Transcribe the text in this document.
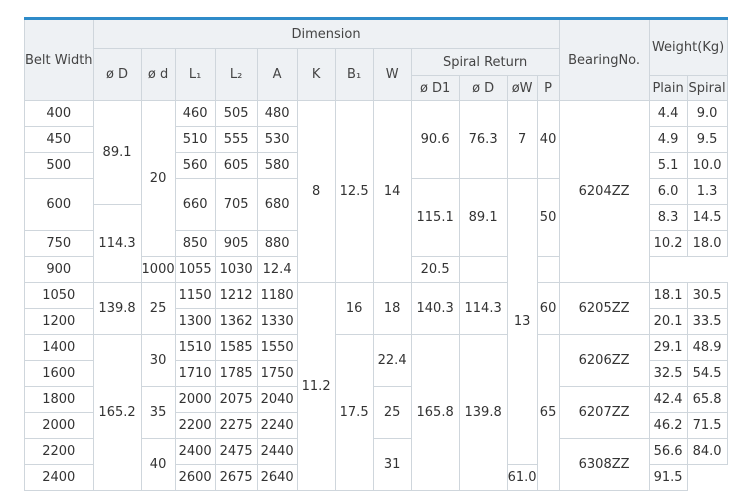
Belt Width	Dimension												BearingNo.	Weight(Kg)	
	ø D	ø d	L₁	L₂	A	K	B₁	W	Spiral Return						
									ø D1	ø D	øW	P		Plain	Spiral
400	89.1	20	460	505	480	8	12.5	14	90.6	76.3	7	40	6204ZZ	4.4	9.0
450			510	555	530									4.9	9.5
500			560	605	580									5.1	10.0
600			660	705	680				115.1	89.1	13	50		6.0	1.3
	114.3													8.3	14.5
750			850	905	880									10.2	18.0
900		1000	1055	1030	12.4				20.5						
1050	139.8	25	1150	1212	1180	11.2	16	18	140.3	114.3		60	6205ZZ	18.1	30.5
1200			1300	1362	1330									20.1	33.5
1400	165.2	30	1510	1585	1550		17.5	22.4	165.8	139.8		65	6206ZZ	29.1	48.9
1600			1710	1785	1750									32.5	54.5
1800		35	2000	2075	2040			25					6207ZZ	42.4	65.8
2000			2200	2275	2240									46.2	71.5
2200		40	2400	2475	2440			31					6308ZZ	56.6	84.0
2400			2600	2675	2640						61.0			91.5	
